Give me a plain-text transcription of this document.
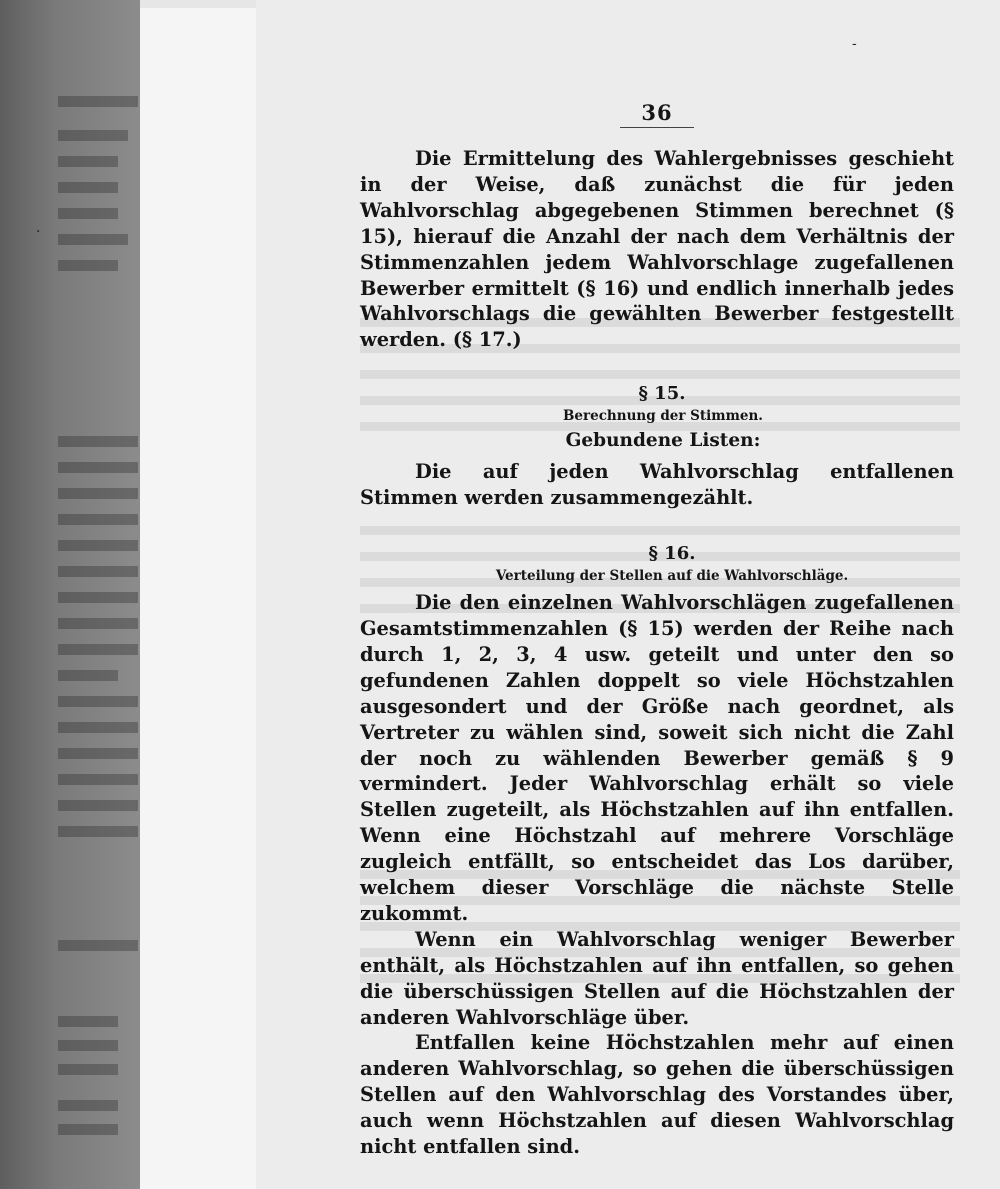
36

Die Ermittelung des Wahlergebnisses geschieht in der Weise, daß zunächst die für jeden Wahlvorschlag abgegebenen Stimmen berechnet (§ 15), hierauf die Anzahl der nach dem Verhältnis der Stimmenzahlen jedem Wahlvorschlage zugefallenen Bewerber ermittelt (§ 16) und endlich innerhalb jedes Wahlvorschlags die gewählten Bewerber festgestellt werden. (§ 17.)

§ 15.
Berechnung der Stimmen.
Gebundene Listen:

Die auf jeden Wahlvorschlag entfallenen Stimmen werden zusammengezählt.

§ 16.
Verteilung der Stellen auf die Wahlvorschläge.

Die den einzelnen Wahlvorschlägen zugefallenen Gesamtstimmenzahlen (§ 15) werden der Reihe nach durch 1, 2, 3, 4 usw. geteilt und unter den so gefundenen Zahlen doppelt so viele Höchstzahlen ausgesondert und der Größe nach geordnet, als Vertreter zu wählen sind, soweit sich nicht die Zahl der noch zu wählenden Bewerber gemäß § 9 vermindert. Jeder Wahlvorschlag erhält so viele Stellen zugeteilt, als Höchstzahlen auf ihn entfallen. Wenn eine Höchstzahl auf mehrere Vorschläge zugleich entfällt, so entscheidet das Los darüber, welchem dieser Vorschläge die nächste Stelle zukommt.

Wenn ein Wahlvorschlag weniger Bewerber enthält, als Höchstzahlen auf ihn entfallen, so gehen die überschüssigen Stellen auf die Höchstzahlen der anderen Wahlvorschläge über.

Entfallen keine Höchstzahlen mehr auf einen anderen Wahlvorschlag, so gehen die überschüssigen Stellen auf den Wahlvorschlag des Vorstandes über, auch wenn Höchstzahlen auf diesen Wahlvorschlag nicht entfallen sind.

-
·
